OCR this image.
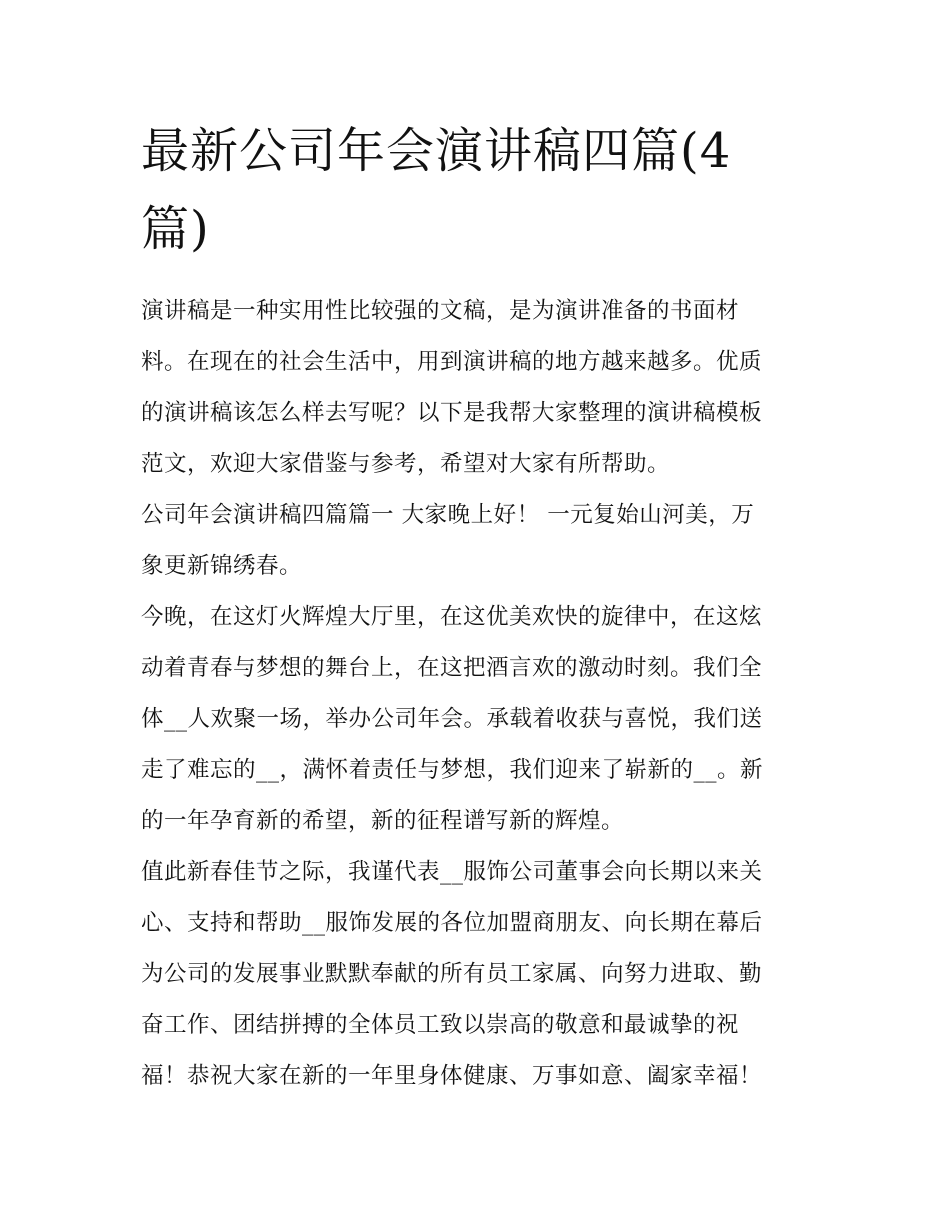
最新公司年会演讲稿四篇(4
篇)

演讲稿是一种实用性比较强的文稿，是为演讲准备的书面材
料。在现在的社会生活中，用到演讲稿的地方越来越多。优质
的演讲稿该怎么样去写呢？以下是我帮大家整理的演讲稿模板
范文，欢迎大家借鉴与参考，希望对大家有所帮助。

公司年会演讲稿四篇篇一 大家晚上好！ 一元复始山河美，万
象更新锦绣春。

今晚，在这灯火辉煌大厅里，在这优美欢快的旋律中，在这炫
动着青春与梦想的舞台上，在这把酒言欢的激动时刻。我们全
体__人欢聚一场，举办公司年会。承载着收获与喜悦，我们送
走了难忘的__，满怀着责任与梦想，我们迎来了崭新的__。新
的一年孕育新的希望，新的征程谱写新的辉煌。

值此新春佳节之际，我谨代表__服饰公司董事会向长期以来关
心、支持和帮助__服饰发展的各位加盟商朋友、向长期在幕后
为公司的发展事业默默奉献的所有员工家属、向努力进取、勤
奋工作、团结拼搏的全体员工致以崇高的敬意和最诚挚的祝
福！恭祝大家在新的一年里身体健康、万事如意、阖家幸福！
